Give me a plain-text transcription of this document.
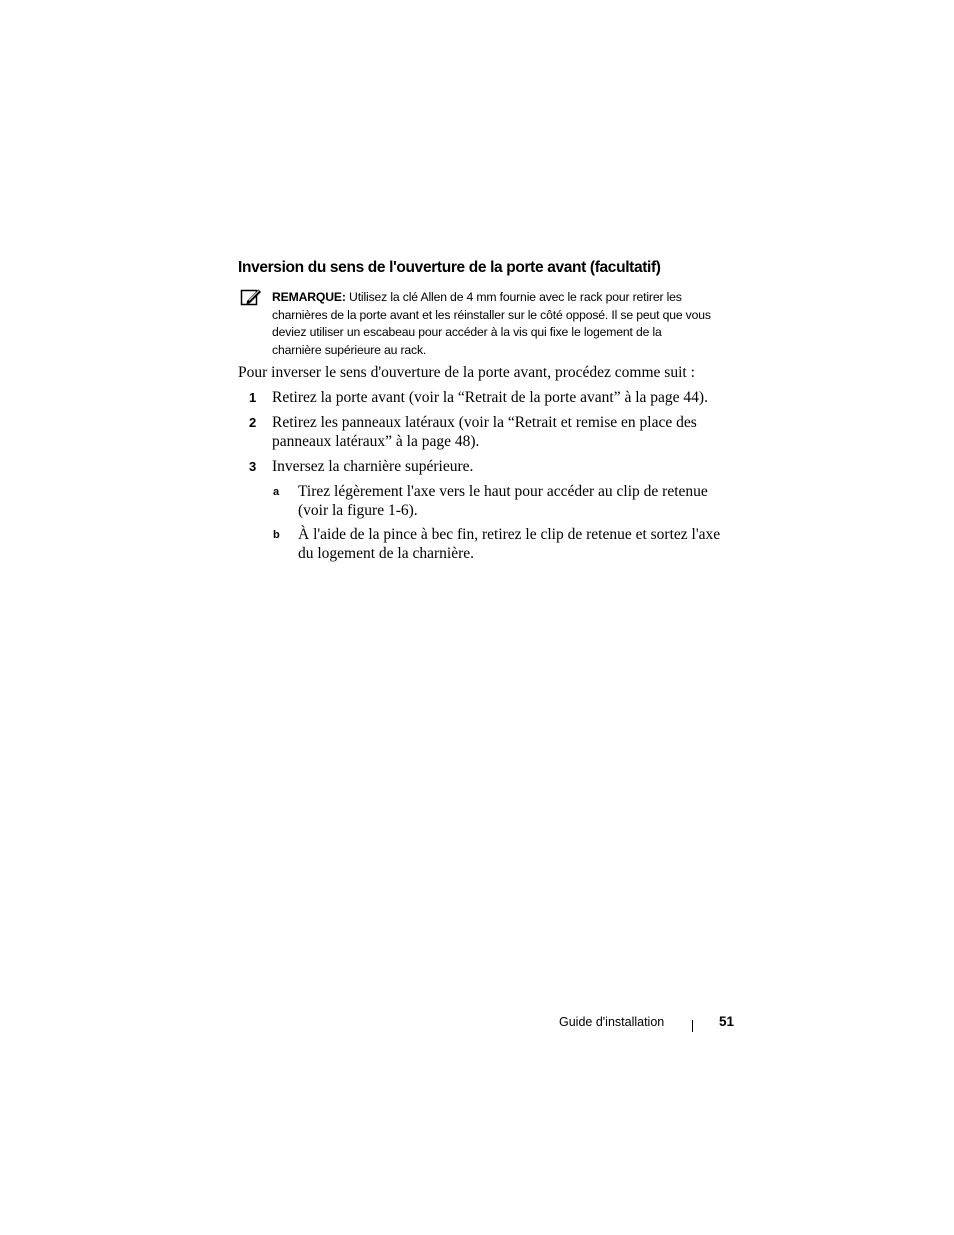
Inversion du sens de l'ouverture de la porte avant (facultatif)
REMARQUE: Utilisez la clé Allen de 4 mm fournie avec le rack pour retirer les
charnières de la porte avant et les réinstaller sur le côté opposé. Il se peut que vous
deviez utiliser un escabeau pour accéder à la vis qui fixe le logement de la
charnière supérieure au rack.
Pour inverser le sens d'ouverture de la porte avant, procédez comme suit :
1 Retirez la porte avant (voir la “Retrait de la porte avant” à la page 44).
2 Retirez les panneaux latéraux (voir la “Retrait et remise en place des
panneaux latéraux” à la page 48).
3 Inversez la charnière supérieure.
a Tirez légèrement l'axe vers le haut pour accéder au clip de retenue
(voir la figure 1-6).
b À l'aide de la pince à bec fin, retirez le clip de retenue et sortez l'axe
du logement de la charnière.
Guide d'installation	51
